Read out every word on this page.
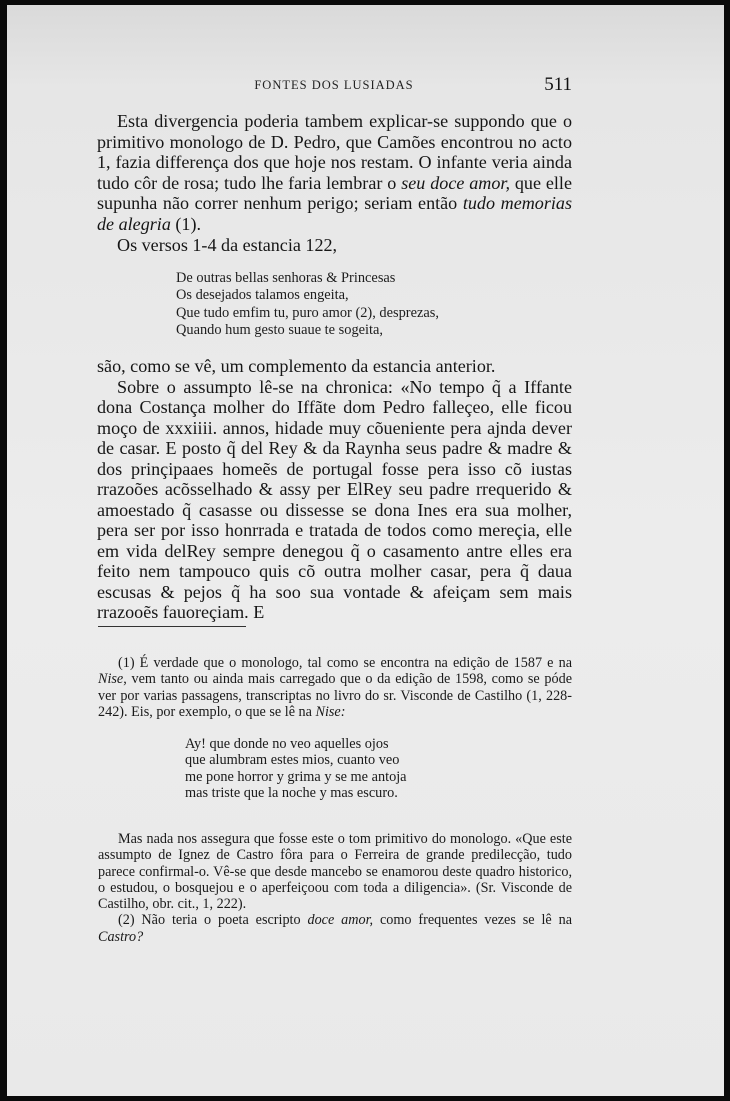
FONTES DOS LUSIADAS	511

Esta divergencia poderia tambem explicar-se suppondo que o primitivo monologo de D. Pedro, que Camões encontrou no acto 1, fazia differença dos que hoje nos restam. O infante veria ainda tudo côr de rosa; tudo lhe faria lembrar o seu doce amor, que elle supunha não correr nenhum perigo; seriam então tudo memorias de alegria (1).

Os versos 1-4 da estancia 122,

De outras bellas senhoras & Princesas
Os desejados talamos engeita,
Que tudo emfim tu, puro amor (2), desprezas,
Quando hum gesto suaue te sogeita,

são, como se vê, um complemento da estancia anterior.

Sobre o assumpto lê-se na chronica: «No tempo q̃ a Iffante dona Costança molher do Iffãte dom Pedro falleçeo, elle ficou moço de xxxiiii. annos, hidade muy cõueniente pera ajnda dever de casar. E posto q̃ del Rey & da Raynha seus padre & madre & dos prinçipaaes homeẽs de portugal fosse pera isso cõ iustas rrazoões acõsselhado & assy per ElRey seu padre rrequerido & amoestado q̃ casasse ou dissesse se dona Ines era sua molher, pera ser por isso honrrada e tratada de todos como mereçia, elle em vida delRey sempre denegou q̃ o casamento antre elles era feito nem tampouco quis cõ outra molher casar, pera q̃ daua escusas & pejos q̃ ha soo sua vontade & afeiçam sem mais rrazooẽs fauoreçiam. E

(1) É verdade que o monologo, tal como se encontra na edição de 1587 e na Nise, vem tanto ou ainda mais carregado que o da edição de 1598, como se póde ver por varias passagens, transcriptas no livro do sr. Visconde de Castilho (1, 228-242). Eis, por exemplo, o que se lê na Nise:

Ay! que donde no veo aquelles ojos
que alumbram estes mios, cuanto veo
me pone horror y grima y se me antoja
mas triste que la noche y mas escuro.

Mas nada nos assegura que fosse este o tom primitivo do monologo. «Que este assumpto de Ignez de Castro fôra para o Ferreira de grande predilecção, tudo parece confirmal-o. Vê-se que desde mancebo se enamorou deste quadro historico, o estudou, o bosquejou e o aperfeiçoou com toda a diligencia». (Sr. Visconde de Castilho, obr. cit., 1, 222).

(2) Não teria o poeta escripto doce amor, como frequentes vezes se lê na Castro?
